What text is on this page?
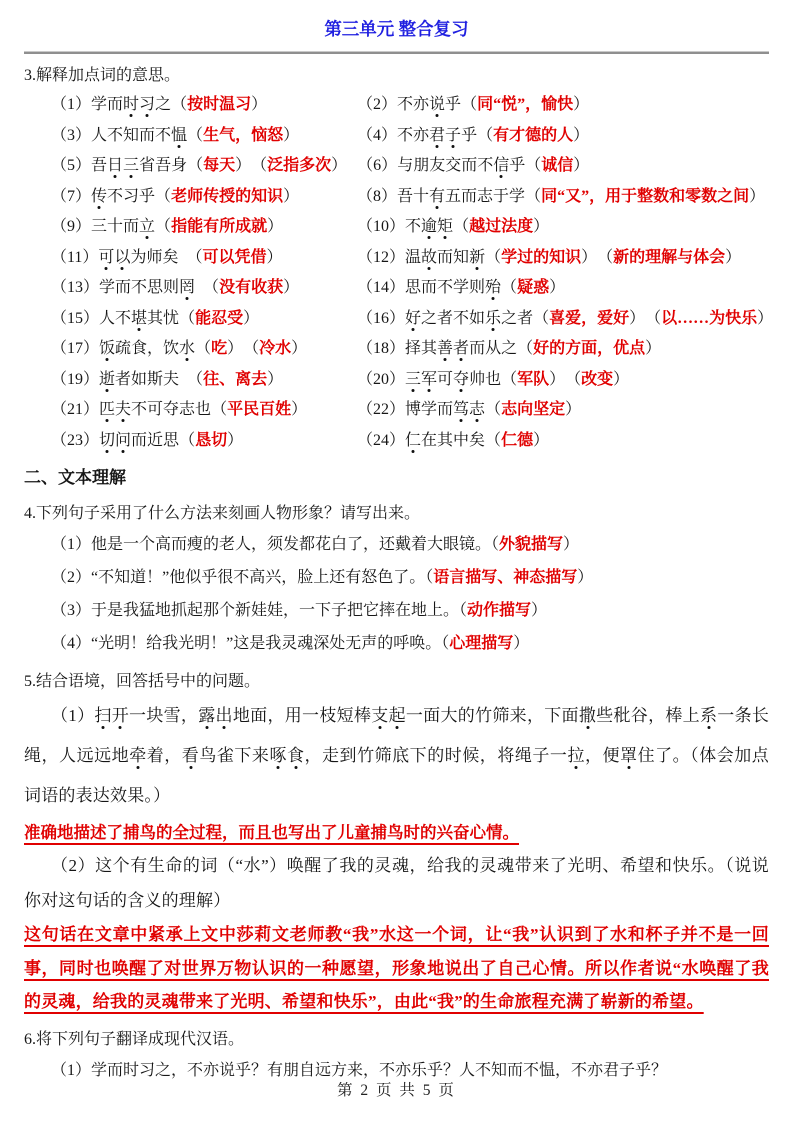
第三单元 整合复习
3.解释加点词的意思。
（1）学而时习之（按时温习）	（2）不亦说乎（同“悦”，愉快）
（3）人不知而不愠（生气，恼怒）	（4）不亦君子乎（有才德的人）
（5）吾日三省吾身（每天） （泛指多次） （6）与朋友交而不信乎（诚信）
（7）传不习乎（老师传授的知识）	（8）吾十有五而志于学（同“又”，用于整数和零数之间）
（9）三十而立（指能有所成就）	（10）不逾矩（越过法度）
（11）可以为师矣 （可以凭借）	（12）温故而知新（学过的知识） （新的理解与体会）
（13）学而不思则罔 （没有收获）	（14）思而不学则殆（疑惑）
（15）人不堪其忧（能忍受）	（16）好之者不如乐之者（喜爱，爱好） （以……为快乐）
（17）饭疏食，饮水（吃） （冷水）	（18）择其善者而从之（好的方面，优点）
（19）逝者如斯夫 （往、离去）	（20）三军可夺帅也（军队） （改变）
（21）匹夫不可夺志也（平民百姓）	（22）博学而笃志（志向坚定）
（23）切问而近思（恳切）	（24）仁在其中矣（仁德）
二、文本理解
4.下列句子采用了什么方法来刻画人物形象？请写出来。
（1）他是一个高而瘦的老人，须发都花白了，还戴着大眼镜。（外貌描写）
（2）“不知道！”他似乎很不高兴，脸上还有怒色了。（语言描写、神态描写）
（3）于是我猛地抓起那个新娃娃，一下子把它摔在地上。（动作描写）
（4）“光明！给我光明！”这是我灵魂深处无声的呼唤。（心理描写）
5.结合语境，回答括号中的问题。
（1）扫开一块雪，露出地面，用一枝短棒支起一面大的竹筛来，下面撒些秕谷，棒上系一条长绳，人远远地牵着，看鸟雀下来啄食，走到竹筛底下的时候，将绳子一拉，便罩住了。（体会加点词语的表达效果。）
准确地描述了捕鸟的全过程，而且也写出了儿童捕鸟时的兴奋心情。
（2）这个有生命的词（“水”）唤醒了我的灵魂，给我的灵魂带来了光明、希望和快乐。（说说你对这句话的含义的理解）
这句话在文章中紧承上文中莎莉文老师教“我”水这一个词，让“我”认识到了水和杯子并不是一回事，同时也唤醒了对世界万物认识的一种愿望，形象地说出了自己心情。所以作者说“水唤醒了我的灵魂，给我的灵魂带来了光明、希望和快乐”，由此“我”的生命旅程充满了崭新的希望。
6.将下列句子翻译成现代汉语。
（1）学而时习之，不亦说乎？有朋自远方来，不亦乐乎？人不知而不愠，不亦君子乎？
第 2 页 共 5 页
